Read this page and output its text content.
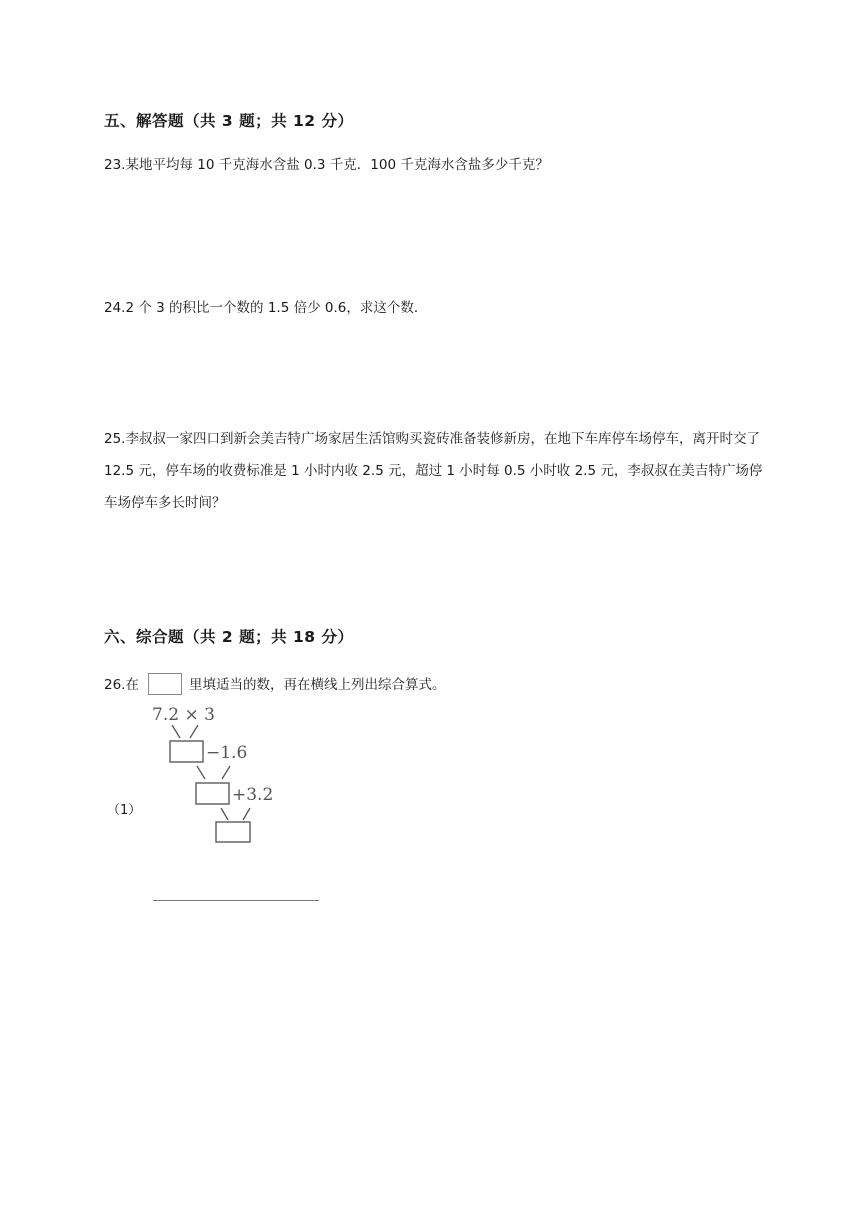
五、解答题（共 3 题；共 12 分）
23.某地平均每 10 千克海水含盐 0.3 千克．100 千克海水含盐多少千克？
24.2 个 3 的积比一个数的 1.5 倍少 0.6，求这个数．
25.李叔叔一家四口到新会美吉特广场家居生活馆购买瓷砖准备装修新房，在地下车库停车场停车，离开时交了 12.5 元，停车场的收费标准是 1 小时内收 2.5 元，超过 1 小时每 0.5 小时收 2.5 元，李叔叔在美吉特广场停车场停车多长时间？
六、综合题（共 2 题；共 18 分）
26.在	里填适当的数，再在横线上列出综合算式。
（1）
7.2 × 3
−1.6
+3.2
